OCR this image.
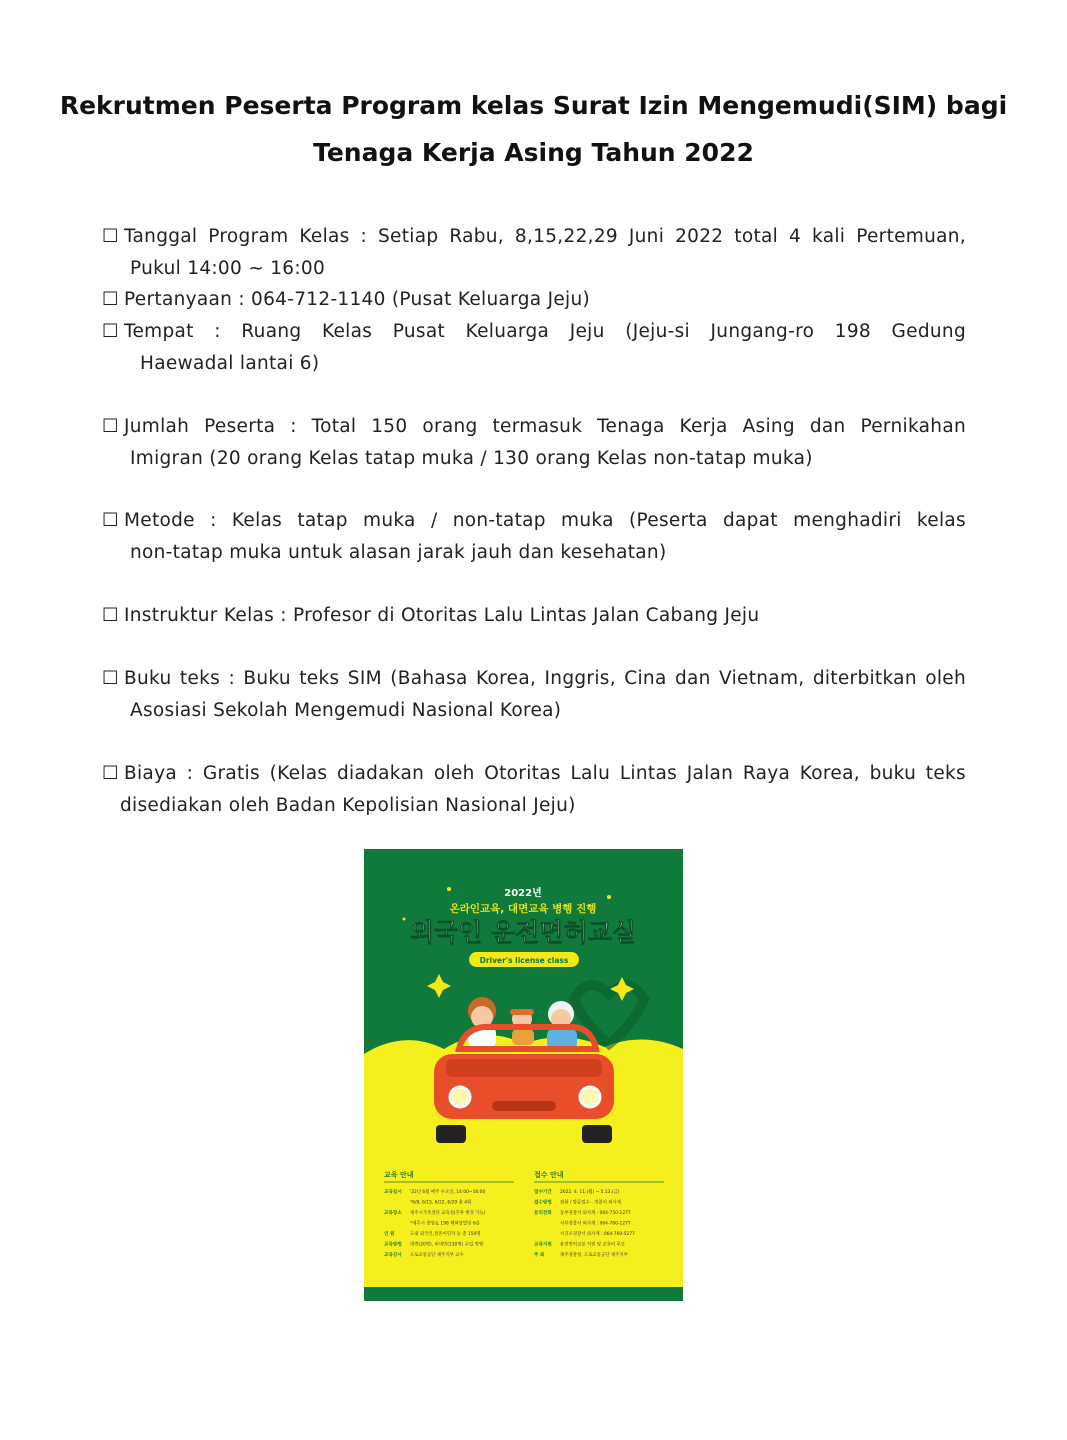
Rekrutmen Peserta Program kelas Surat Izin Mengemudi(SIM) bagi
Tenaga Kerja Asing Tahun 2022
☐ Tanggal Program Kelas : Setiap Rabu, 8,15,22,29 Juni 2022 total 4 kali Pertemuan,
Pukul 14:00 ~ 16:00
☐ Pertanyaan : 064-712-1140 (Pusat Keluarga Jeju)
☐ Tempat : Ruang Kelas Pusat Keluarga Jeju (Jeju-si Jungang-ro 198 Gedung
Haewadal lantai 6)
☐ Jumlah Peserta : Total 150 orang termasuk Tenaga Kerja Asing dan Pernikahan
Imigran (20 orang Kelas tatap muka / 130 orang Kelas non-tatap muka)
☐ Metode : Kelas tatap muka / non-tatap muka (Peserta dapat menghadiri kelas
non-tatap muka untuk alasan jarak jauh dan kesehatan)
☐ Instruktur Kelas : Profesor di Otoritas Lalu Lintas Jalan Cabang Jeju
☐ Buku teks : Buku teks SIM (Bahasa Korea, Inggris, Cina dan Vietnam, diterbitkan oleh
Asosiasi Sekolah Mengemudi Nasional Korea)
☐ Biaya : Gratis (Kelas diadakan oleh Otoritas Lalu Lintas Jalan Raya Korea, buku teks
disediakan oleh Badan Kepolisian Nasional Jeju)
2022년
온라인교육, 대면교육 병행 진행
외국인 운전면허교실
Driver's license class
교육 안내	접수 안내
교육일시 '22년 6월 매주 수요일, 14:00~16:00
*6/8, 6/15, 6/22, 6/29 총 4회
교육장소 제주시가족센터 교육실(추후 변경 가능)
*제주시 중앙로 198 해와달빌딩 6층
인 원	도내 외국인,결혼이민자 등 총 150명
교육방법 대면(20명), 비대면(130명) 수업 병행
교육강사 도로교통공단 제주지부 교수
접수기간 2022. 4. 11.(월) ~ 5.13.(금)
접수방법 전화 / 방문접수 - 경찰서 외사계
문의전화 동부경찰서 외사계 : 064-750-1277
서부경찰서 외사계 : 064-760-1277
서귀포경찰서 외사계 : 064-760-5277
교육지원 운전면허교본 지원 및 교육비 무료
주 최	제주경찰청, 도로교통공단 제주지부
